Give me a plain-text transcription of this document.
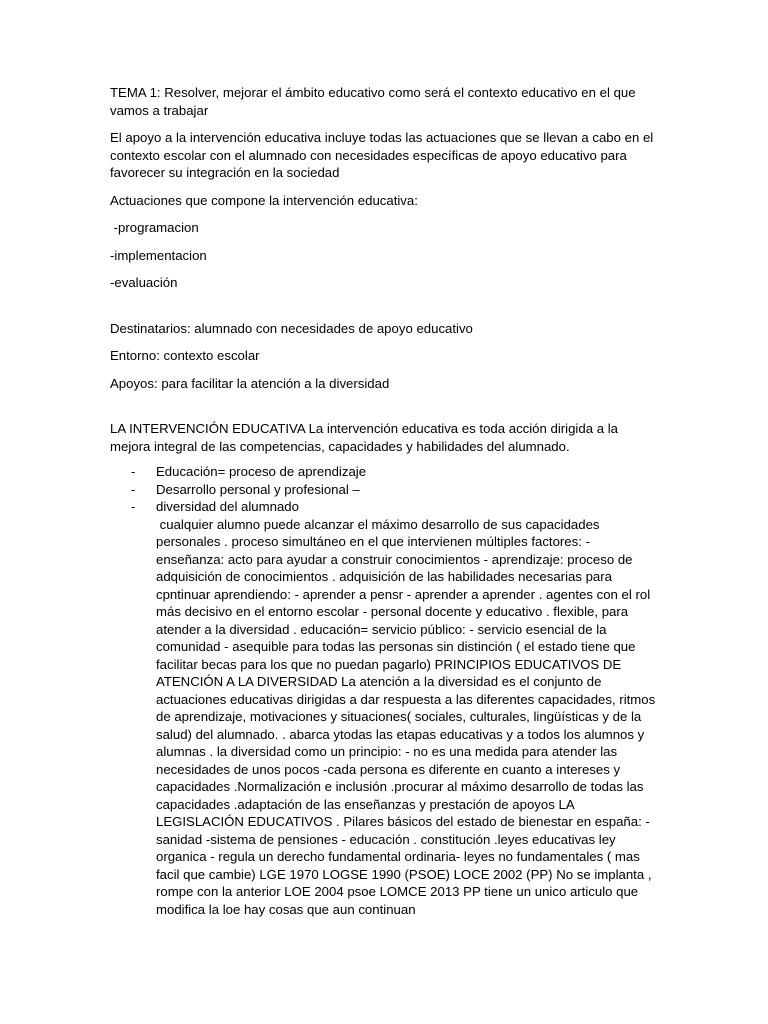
TEMA 1: Resolver, mejorar el ámbito educativo como será el contexto educativo en el que vamos a trabajar

El apoyo a la intervención educativa incluye todas las actuaciones que se llevan a cabo en el contexto escolar con el alumnado con necesidades específicas de apoyo educativo para favorecer su integración en la sociedad

Actuaciones que compone la intervención educativa:

-programacion

-implementacion

-evaluación

Destinatarios: alumnado con necesidades de apoyo educativo

Entorno: contexto escolar

Apoyos: para facilitar la atención a la diversidad

LA INTERVENCIÓN EDUCATIVA La intervención educativa es toda acción dirigida a la mejora integral de las competencias, capacidades y habilidades del alumnado.

- Educación= proceso de aprendizaje
- Desarrollo personal y profesional –
- diversidad del alumnado

cualquier alumno puede alcanzar el máximo desarrollo de sus capacidades personales . proceso simultáneo en el que intervienen múltiples factores: - enseñanza: acto para ayudar a construir conocimientos - aprendizaje: proceso de adquisición de conocimientos . adquisición de las habilidades necesarias para cpntinuar aprendiendo: - aprender a pensr - aprender a aprender . agentes con el rol más decisivo en el entorno escolar - personal docente y educativo . flexible, para atender a la diversidad . educación= servicio público: - servicio esencial de la comunidad - asequible para todas las personas sin distinción ( el estado tiene que facilitar becas para los que no puedan pagarlo) PRINCIPIOS EDUCATIVOS DE ATENCIÓN A LA DIVERSIDAD La atención a la diversidad es el conjunto de actuaciones educativas dirigidas a dar respuesta a las diferentes capacidades, ritmos de aprendizaje, motivaciones y situaciones( sociales, culturales, lingüísticas y de la salud) del alumnado. . abarca ytodas las etapas educativas y a todos los alumnos y alumnas . la diversidad como un principio: - no es una medida para atender las necesidades de unos pocos -cada persona es diferente en cuanto a intereses y capacidades .Normalización e inclusión .procurar al máximo desarrollo de todas las capacidades .adaptación de las enseñanzas y prestación de apoyos LA LEGISLACIÓN EDUCATIVOS . Pilares básicos del estado de bienestar en españa: - sanidad -sistema de pensiones - educación . constitución .leyes educativas ley organica - regula un derecho fundamental ordinaria- leyes no fundamentales ( mas facil que cambie) LGE 1970 LOGSE 1990 (PSOE) LOCE 2002 (PP) No se implanta , rompe con la anterior LOE 2004 psoe LOMCE 2013 PP tiene un unico articulo que modifica la loe hay cosas que aun continuan
